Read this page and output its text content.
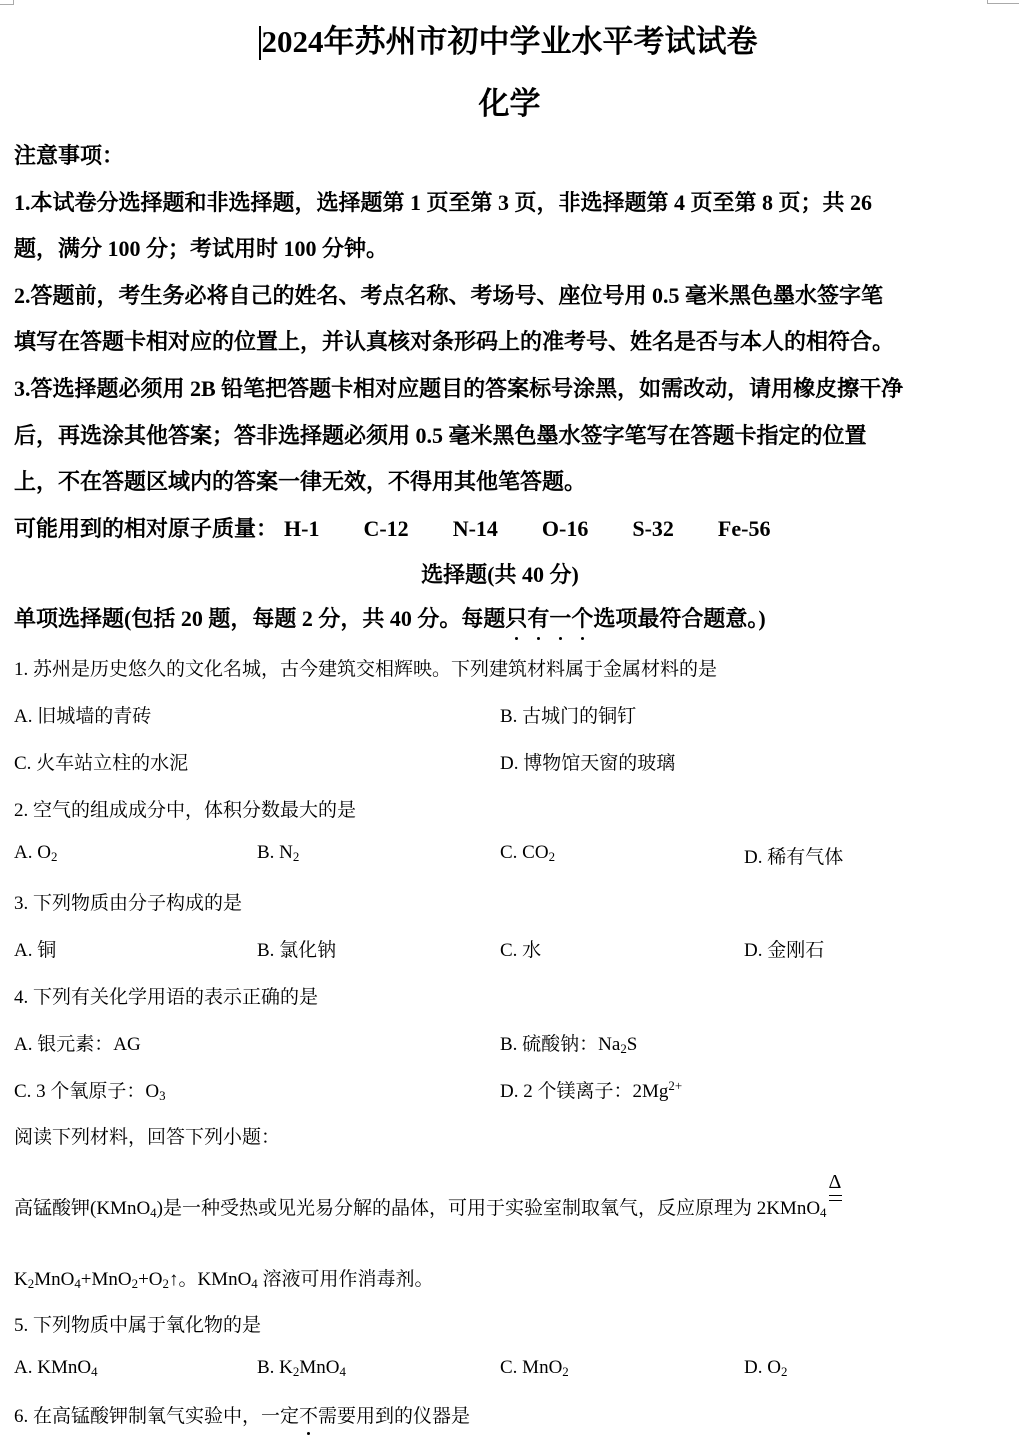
2024年苏州市初中学业水平考试试卷
化学
注意事项：
1.本试卷分选择题和非选择题，选择题第 1 页至第 3 页，非选择题第 4 页至第 8 页；共 26
题，满分 100 分；考试用时 100 分钟。
2.答题前，考生务必将自己的姓名、考点名称、考场号、座位号用 0.5 毫米黑色墨水签字笔
填写在答题卡相对应的位置上，并认真核对条形码上的准考号、姓名是否与本人的相符合。
3.答选择题必须用 2B 铅笔把答题卡相对应题目的答案标号涂黑，如需改动，请用橡皮擦干净
后，再选涂其他答案；答非选择题必须用 0.5 毫米黑色墨水签字笔写在答题卡指定的位置
上，不在答题区域内的答案一律无效，不得用其他笔答题。
可能用到的相对原子质量： H-1 C-12 N-14 O-16 S-32 Fe-56
选择题(共 40 分)
单项选择题(包括 20 题，每题 2 分，共 40 分。每题只有一个选项最符合题意。)
1. 苏州是历史悠久的文化名城，古今建筑交相辉映。下列建筑材料属于金属材料的是
A. 旧城墙的青砖	B. 古城门的铜钉
C. 火车站立柱的水泥	D. 博物馆天窗的玻璃
2. 空气的组成成分中，体积分数最大的是
A. $O_2$	B. $N_2$	C. $CO_2$	D. 稀有气体
3. 下列物质由分子构成的是
A. 铜	B. 氯化钠	C. 水	D. 金刚石
4. 下列有关化学用语的表示正确的是
A. 银元素：AG	B. 硫酸钠：$Na_2S$
C. 3 个氧原子：$O_3$	D. 2 个镁离子：$2Mg^{2+}$
阅读下列材料，回答下列小题：
高锰酸钾(KMnO$_4$)是一种受热或见光易分解的晶体，可用于实验室制取氧气，反应原理为 2KMnO$_4$
Δ
$K_2MnO_4+MnO_2+O_2↑$。KMnO$_4$ 溶液可用作消毒剂。
5. 下列物质中属于氧化物的是
A. KMnO$_4$	B. $K_2MnO_4$	C. MnO$_2$	D. $O_2$
6. 在高锰酸钾制氧气实验中，一定不需要用到的仪器是
